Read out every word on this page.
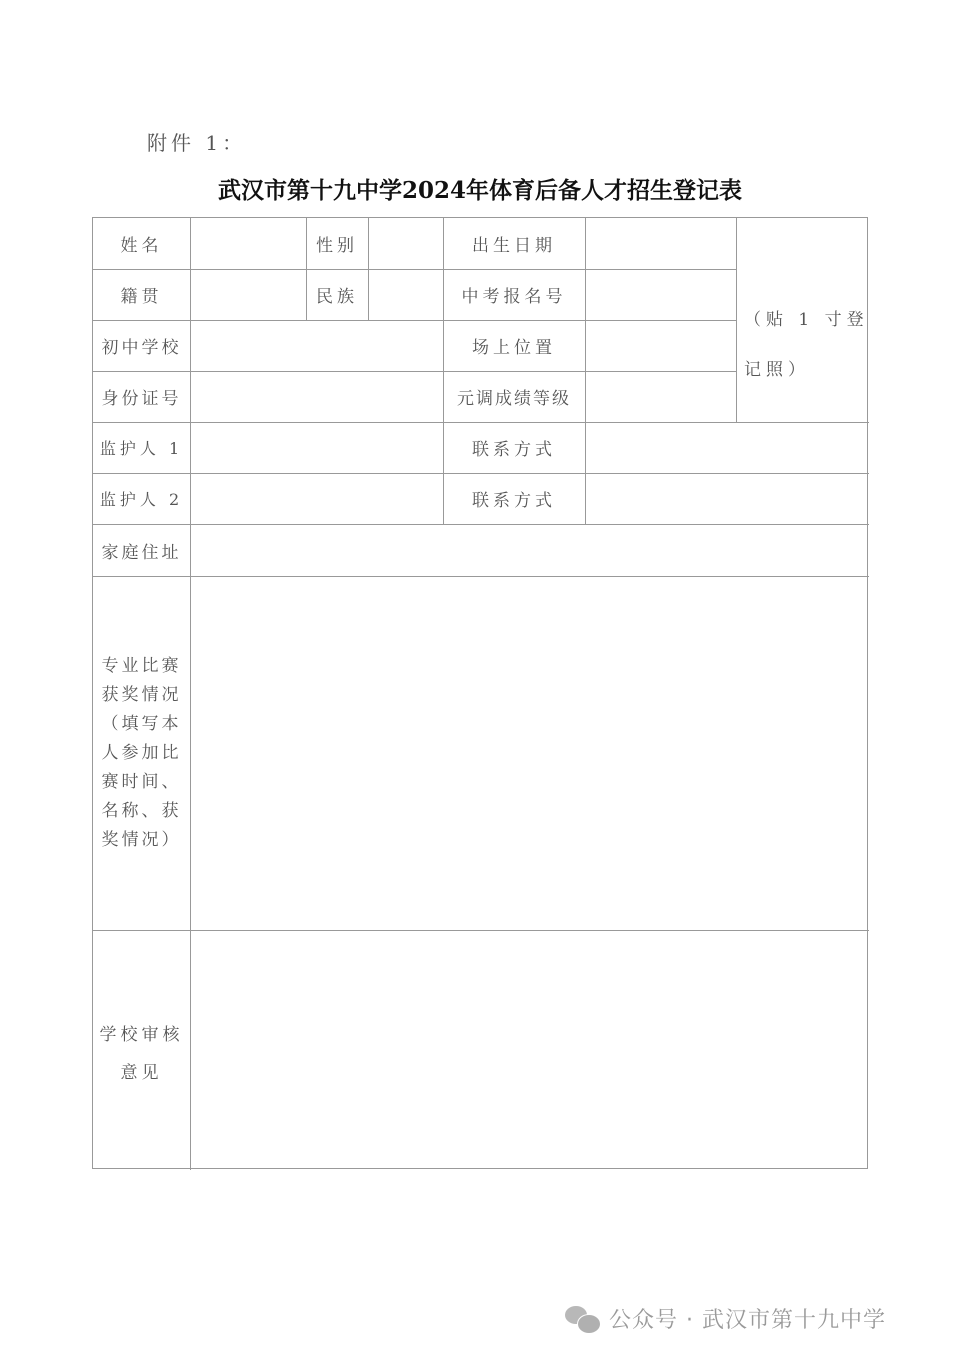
附件 1：
武汉市第十九中学2024年体育后备人才招生登记表
姓名	性别	出生日期
籍贯	民族	中考报名号
初中学校	场上位置
身份证号	元调成绩等级
（贴 1 寸登记照）
监护人 1	联系方式
监护人 2	联系方式
家庭住址
专业比赛获奖情况（填写本人参加比赛时间、名称、获奖情况）
学校审核
意见
公众号 · 武汉市第十九中学
